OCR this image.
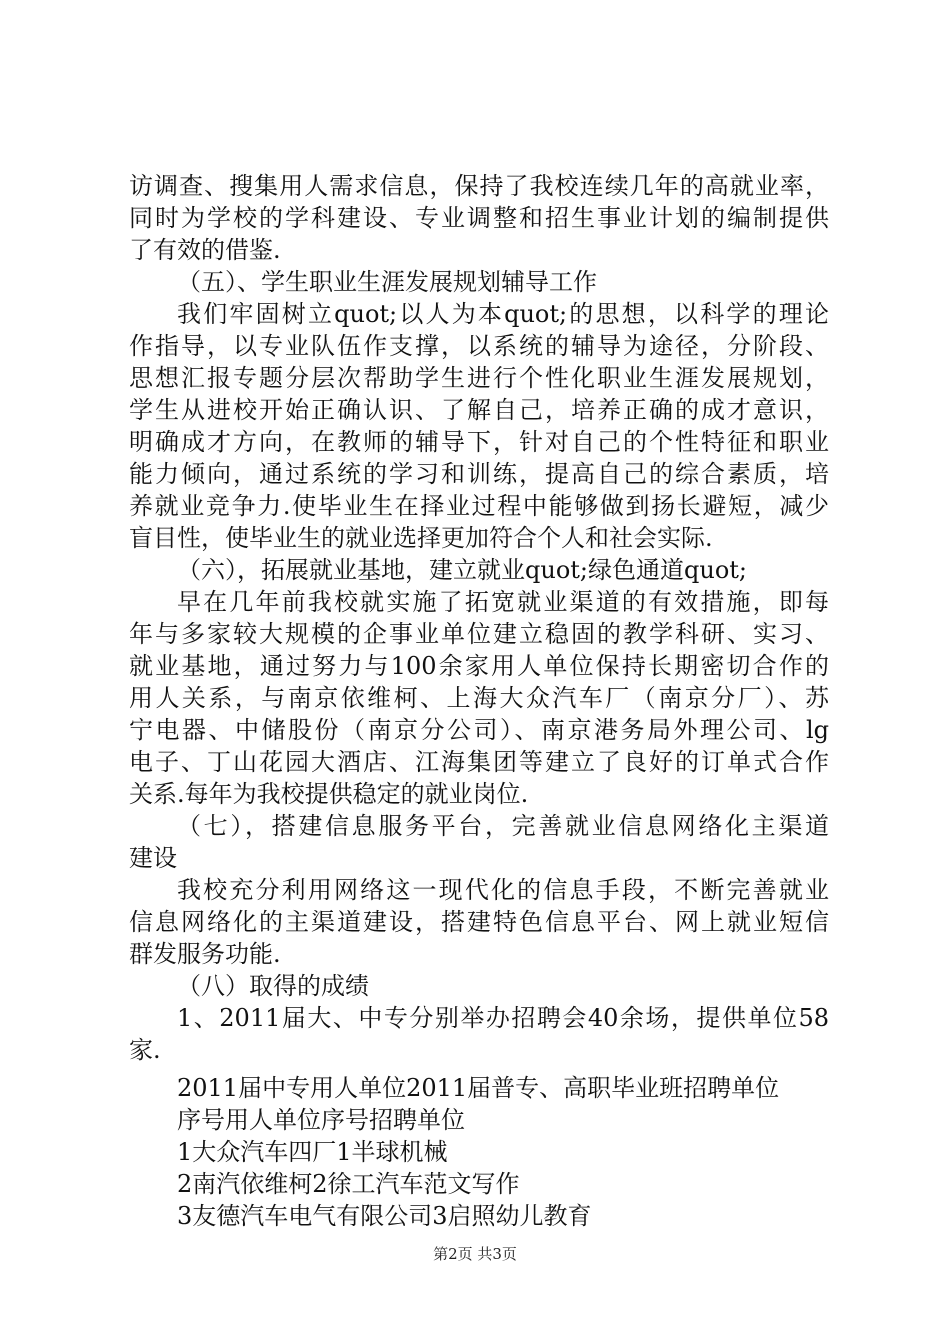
访调查、搜集用人需求信息，保持了我校连续几年的高就业率，
同时为学校的学科建设、专业调整和招生事业计划的编制提供
了有效的借鉴.
（五）、学生职业生涯发展规划辅导工作
我们牢固树立quot;以人为本quot;的思想，以科学的理论
作指导，以专业队伍作支撑，以系统的辅导为途径，分阶段、
思想汇报专题分层次帮助学生进行个性化职业生涯发展规划，
学生从进校开始正确认识、了解自己，培养正确的成才意识，
明确成才方向，在教师的辅导下，针对自己的个性特征和职业
能力倾向，通过系统的学习和训练，提高自己的综合素质，培
养就业竞争力.使毕业生在择业过程中能够做到扬长避短，减少
盲目性，使毕业生的就业选择更加符合个人和社会实际.
（六），拓展就业基地，建立就业quot;绿色通道quot;
早在几年前我校就实施了拓宽就业渠道的有效措施，即每
年与多家较大规模的企事业单位建立稳固的教学科研、实习、
就业基地，通过努力与100余家用人单位保持长期密切合作的
用人关系，与南京依维柯、上海大众汽车厂（南京分厂）、苏
宁电器、中储股份（南京分公司）、南京港务局外理公司、lg
电子、丁山花园大酒店、江海集团等建立了良好的订单式合作
关系.每年为我校提供稳定的就业岗位.
（七），搭建信息服务平台，完善就业信息网络化主渠道
建设
我校充分利用网络这一现代化的信息手段，不断完善就业
信息网络化的主渠道建设，搭建特色信息平台、网上就业短信
群发服务功能.
（八）取得的成绩
1、2011届大、中专分别举办招聘会40余场，提供单位58
家.
2011届中专用人单位2011届普专、高职毕业班招聘单位
序号用人单位序号招聘单位
1大众汽车四厂1半球机械
2南汽依维柯2徐工汽车范文写作
3友德汽车电气有限公司3启照幼儿教育
第2页 共3页
